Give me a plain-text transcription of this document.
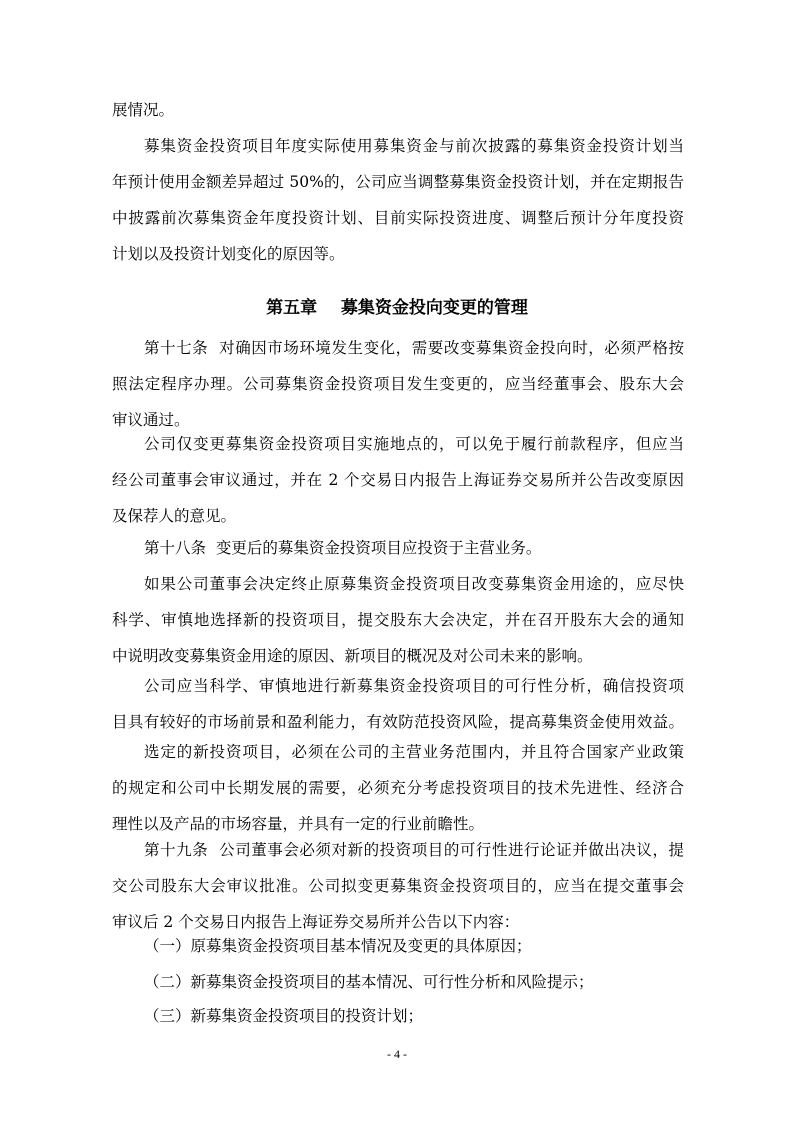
展情况。
募集资金投资项目年度实际使用募集资金与前次披露的募集资金投资计划当
年预计使用金额差异超过 50%的，公司应当调整募集资金投资计划，并在定期报告
中披露前次募集资金年度投资计划、目前实际投资进度、调整后预计分年度投资
计划以及投资计划变化的原因等。
第五章    募集资金投向变更的管理
第十七条  对确因市场环境发生变化，需要改变募集资金投向时，必须严格按
照法定程序办理。公司募集资金投资项目发生变更的，应当经董事会、股东大会
审议通过。
公司仅变更募集资金投资项目实施地点的，可以免于履行前款程序，但应当
经公司董事会审议通过，并在 2 个交易日内报告上海证券交易所并公告改变原因
及保荐人的意见。
第十八条  变更后的募集资金投资项目应投资于主营业务。
如果公司董事会决定终止原募集资金投资项目改变募集资金用途的，应尽快
科学、审慎地选择新的投资项目，提交股东大会决定，并在召开股东大会的通知
中说明改变募集资金用途的原因、新项目的概况及对公司未来的影响。
公司应当科学、审慎地进行新募集资金投资项目的可行性分析，确信投资项
目具有较好的市场前景和盈利能力，有效防范投资风险，提高募集资金使用效益。
选定的新投资项目，必须在公司的主营业务范围内，并且符合国家产业政策
的规定和公司中长期发展的需要，必须充分考虑投资项目的技术先进性、经济合
理性以及产品的市场容量，并具有一定的行业前瞻性。
第十九条  公司董事会必须对新的投资项目的可行性进行论证并做出决议，提
交公司股东大会审议批准。公司拟变更募集资金投资项目的，应当在提交董事会
审议后 2 个交易日内报告上海证券交易所并公告以下内容：
（一）原募集资金投资项目基本情况及变更的具体原因；
（二）新募集资金投资项目的基本情况、可行性分析和风险提示；
（三）新募集资金投资项目的投资计划；

- 4 -
